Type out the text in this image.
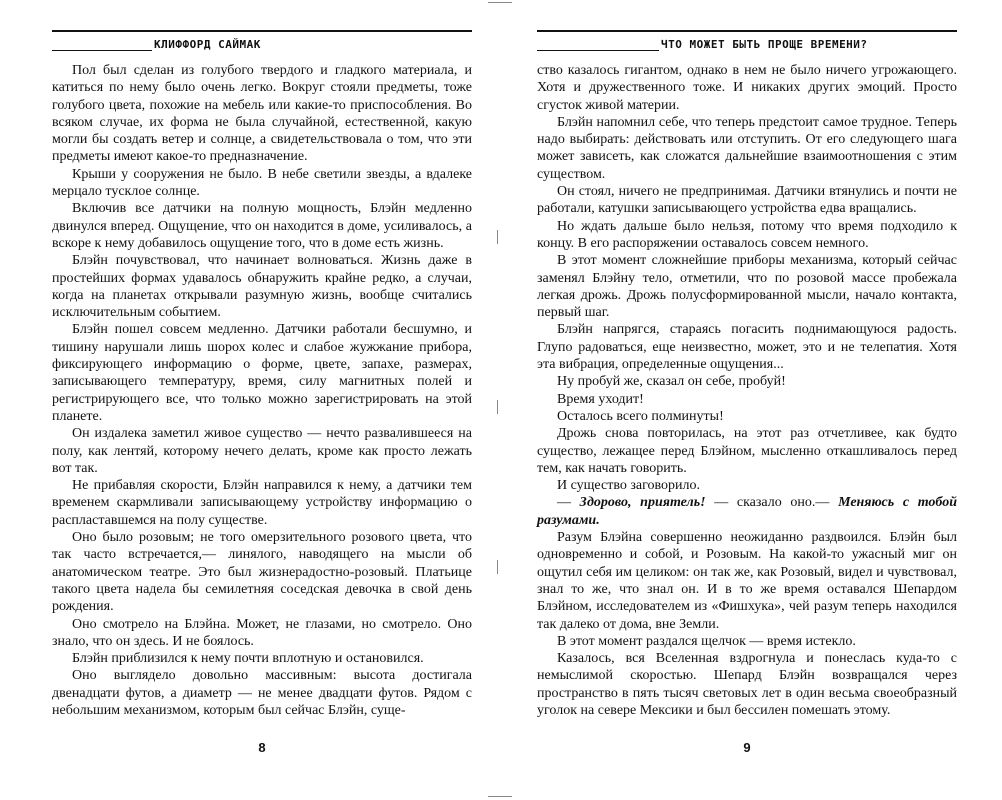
КЛИФФОРД САЙМАК

Пол был сделан из голубого твердого и гладкого материала, и катиться по нему было очень легко. Вокруг стояли предметы, тоже голубого цвета, похожие на мебель или какие-то приспособления. Во всяком случае, их форма не была случайной, естественной, какую могли бы создать ветер и солнце, а свидетельствовала о том, что эти предметы имеют какое-то предназначение.

Крыши у сооружения не было. В небе светили звезды, а вдалеке мерцало тусклое солнце.

Включив все датчики на полную мощность, Блэйн медленно двинулся вперед. Ощущение, что он находится в доме, усиливалось, а вскоре к нему добавилось ощущение того, что в доме есть жизнь.

Блэйн почувствовал, что начинает волноваться. Жизнь даже в простейших формах удавалось обнаружить крайне редко, а случаи, когда на планетах открывали разумную жизнь, вообще считались исключительным событием.

Блэйн пошел совсем медленно. Датчики работали бесшумно, и тишину нарушали лишь шорох колес и слабое жужжание прибора, фиксирующего информацию о форме, цвете, запахе, размерах, записывающего температуру, время, силу магнитных полей и регистрирующего все, что только можно зарегистрировать на этой планете.

Он издалека заметил живое существо — нечто развалившееся на полу, как лентяй, которому нечего делать, кроме как просто лежать вот так.

Не прибавляя скорости, Блэйн направился к нему, а датчики тем временем скармливали записывающему устройству информацию о распластавшемся на полу существе.

Оно было розовым; не того омерзительного розового цвета, что так часто встречается,— линялого, наводящего на мысли об анатомическом театре. Это был жизнерадостно-розовый. Платьице такого цвета надела бы семилетняя соседская девочка в свой день рождения.

Оно смотрело на Блэйна. Может, не глазами, но смотрело. Оно знало, что он здесь. И не боялось.

Блэйн приблизился к нему почти вплотную и остановился.

Оно выглядело довольно массивным: высота достигала двенадцати футов, а диаметр — не менее двадцати футов. Рядом с небольшим механизмом, которым был сейчас Блэйн, суще-

8
ЧТО МОЖЕТ БЫТЬ ПРОЩЕ ВРЕМЕНИ?

ство казалось гигантом, однако в нем не было ничего угрожающего. Хотя и дружественного тоже. И никаких других эмоций. Просто сгусток живой материи.

Блэйн напомнил себе, что теперь предстоит самое трудное. Теперь надо выбирать: действовать или отступить. От его следующего шага может зависеть, как сложатся дальнейшие взаимоотношения с этим существом.

Он стоял, ничего не предпринимая. Датчики втянулись и почти не работали, катушки записывающего устройства едва вращались.

Но ждать дальше было нельзя, потому что время подходило к концу. В его распоряжении оставалось совсем немного.

В этот момент сложнейшие приборы механизма, который сейчас заменял Блэйну тело, отметили, что по розовой массе пробежала легкая дрожь. Дрожь полусформированной мысли, начало контакта, первый шаг.

Блэйн напрягся, стараясь погасить поднимающуюся радость. Глупо радоваться, еще неизвестно, может, это и не телепатия. Хотя эта вибрация, определенные ощущения...

Ну пробуй же, сказал он себе, пробуй!

Время уходит!

Осталось всего полминуты!

Дрожь снова повторилась, на этот раз отчетливее, как будто существо, лежащее перед Блэйном, мысленно откашливалось перед тем, как начать говорить.

И существо заговорило.

— Здорово, приятель! — сказало оно.— Меняюсь с тобой разумами.

Разум Блэйна совершенно неожиданно раздвоился. Блэйн был одновременно и собой, и Розовым. На какой-то ужасный миг он ощутил себя им целиком: он так же, как Розовый, видел и чувствовал, знал то же, что знал он. И в то же время оставался Шепардом Блэйном, исследователем из «Фишхука», чей разум теперь находился так далеко от дома, вне Земли.

В этот момент раздался щелчок — время истекло.

Казалось, вся Вселенная вздрогнула и понеслась куда-то с немыслимой скоростью. Шепард Блэйн возвращался через пространство в пять тысяч световых лет в один весьма своеобразный уголок на севере Мексики и был бессилен помешать этому.

9
